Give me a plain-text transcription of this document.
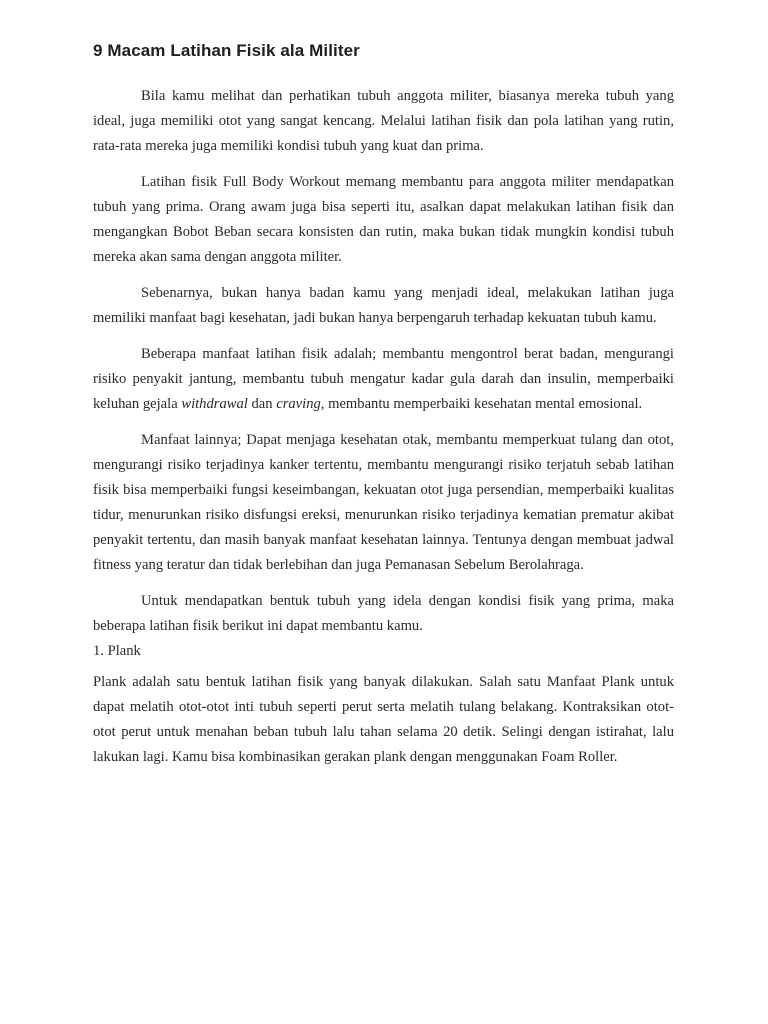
9 Macam Latihan Fisik ala Militer

Bila kamu melihat dan perhatikan tubuh anggota militer, biasanya mereka tubuh yang ideal, juga memiliki otot yang sangat kencang. Melalui latihan fisik dan pola latihan yang rutin, rata-rata mereka juga memiliki kondisi tubuh yang kuat dan prima.

Latihan fisik Full Body Workout memang membantu para anggota militer mendapatkan tubuh yang prima. Orang awam juga bisa seperti itu, asalkan dapat melakukan latihan fisik dan mengangkan Bobot Beban secara konsisten dan rutin, maka bukan tidak mungkin kondisi tubuh mereka akan sama dengan anggota militer.

Sebenarnya, bukan hanya badan kamu yang menjadi ideal, melakukan latihan juga memiliki manfaat bagi kesehatan, jadi bukan hanya berpengaruh terhadap kekuatan tubuh kamu.

Beberapa manfaat latihan fisik adalah; membantu mengontrol berat badan, mengurangi risiko penyakit jantung, membantu tubuh mengatur kadar gula darah dan insulin, memperbaiki keluhan gejala withdrawal dan craving, membantu memperbaiki kesehatan mental emosional.

Manfaat lainnya; Dapat menjaga kesehatan otak, membantu memperkuat tulang dan otot, mengurangi risiko terjadinya kanker tertentu, membantu mengurangi risiko terjatuh sebab latihan fisik bisa memperbaiki fungsi keseimbangan, kekuatan otot juga persendian, memperbaiki kualitas tidur, menurunkan risiko disfungsi ereksi, menurunkan risiko terjadinya kematian prematur akibat penyakit tertentu, dan masih banyak manfaat kesehatan lainnya. Tentunya dengan membuat jadwal fitness yang teratur dan tidak berlebihan dan juga Pemanasan Sebelum Berolahraga.

Untuk mendapatkan bentuk tubuh yang idela dengan kondisi fisik yang prima, maka beberapa latihan fisik berikut ini dapat membantu kamu.

1. Plank

Plank adalah satu bentuk latihan fisik yang banyak dilakukan. Salah satu Manfaat Plank untuk dapat melatih otot-otot inti tubuh seperti perut serta melatih tulang belakang. Kontraksikan otot-otot perut untuk menahan beban tubuh lalu tahan selama 20 detik. Selingi dengan istirahat, lalu lakukan lagi. Kamu bisa kombinasikan gerakan plank dengan menggunakan Foam Roller.
